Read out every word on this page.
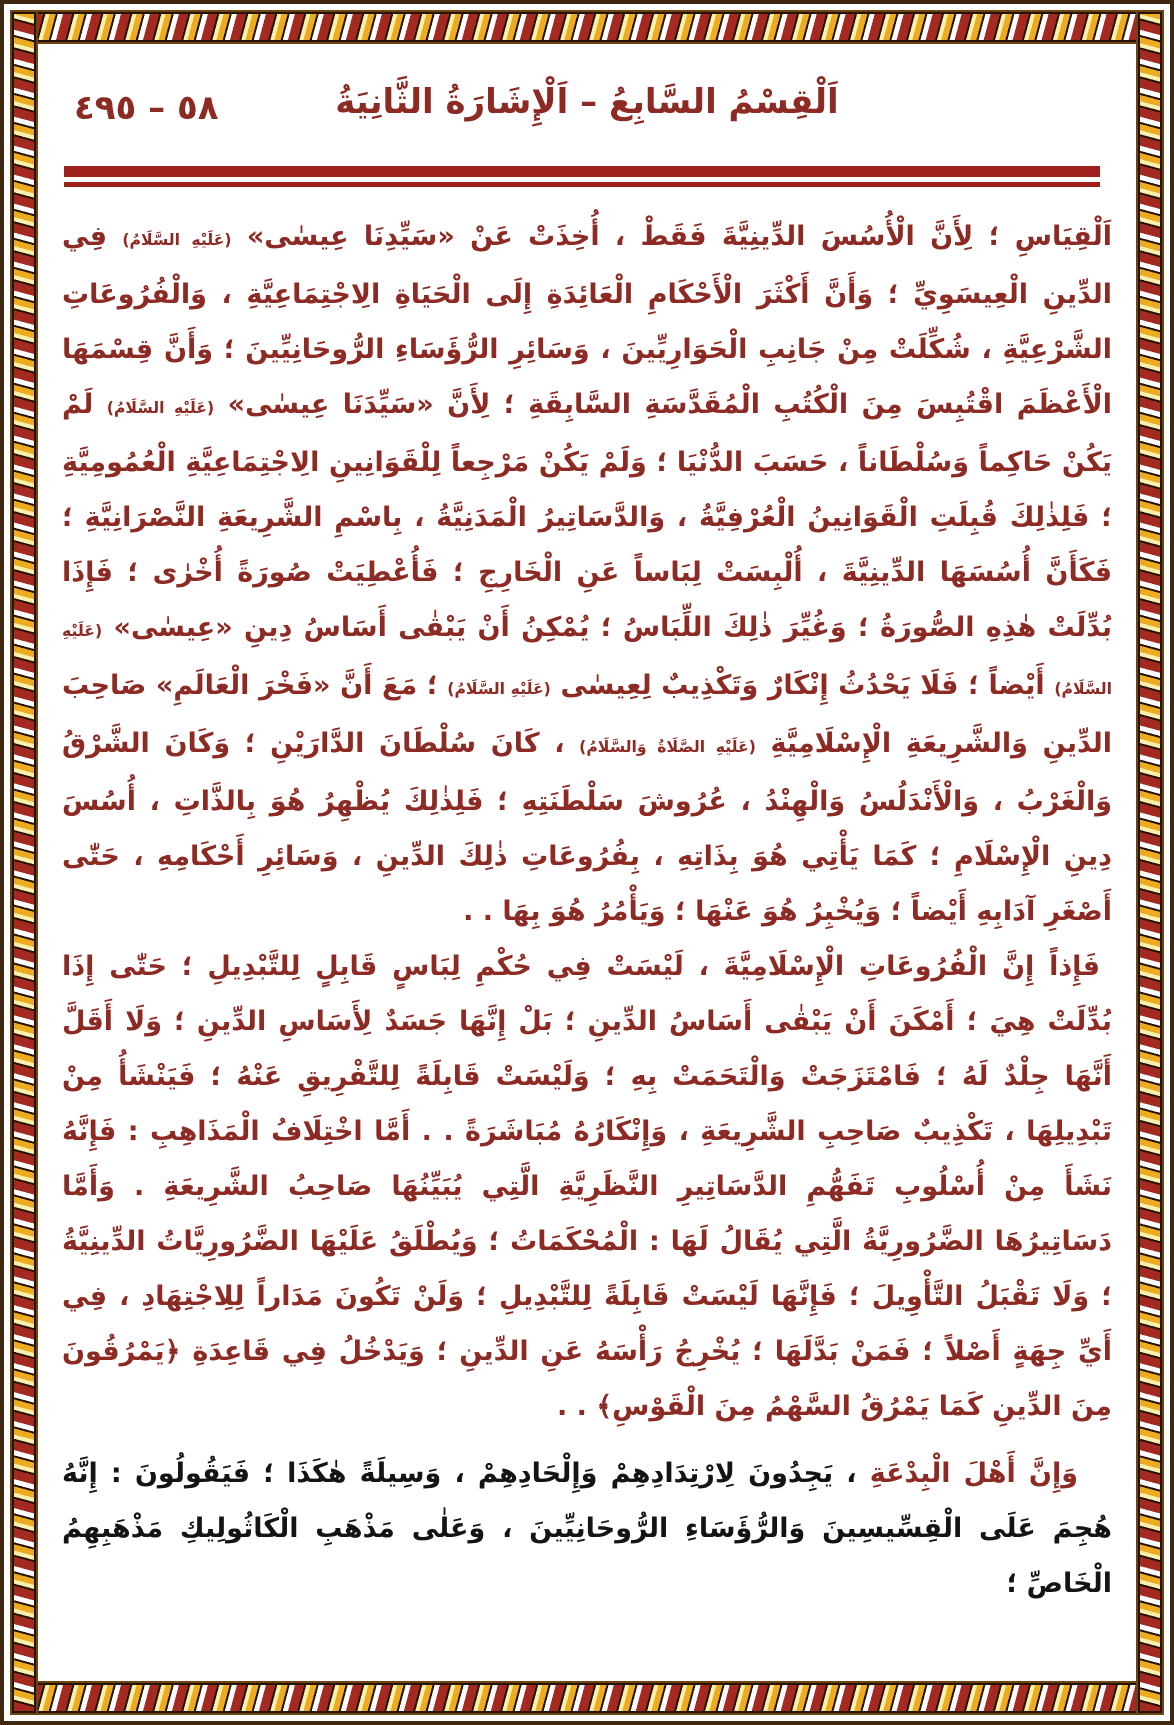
٥٨ – ٤٩٥	اَلْقِسْمُ السَّابِعُ – اَلْإِشَارَةُ الثَّانِيَةُ

اَلْقِيَاسِ ؛ لِأَنَّ الْأُسُسَ الدِّينِيَّةَ فَقَطْ ، أُخِذَتْ عَنْ «سَيِّدِنَا عِيسٰى» (عَلَيْهِ السَّلَامُ) فِي الدِّينِ الْعِيسَوِيِّ ؛ وَأَنَّ أَكْثَرَ الْأَحْكَامِ الْعَائِدَةِ إِلَى الْحَيَاةِ الِاجْتِمَاعِيَّةِ ، وَالْفُرُوعَاتِ الشَّرْعِيَّةِ ، شُكِّلَتْ مِنْ جَانِبِ الْحَوَارِيِّينَ ، وَسَائِرِ الرُّؤَسَاءِ الرُّوحَانِيِّينَ ؛ وَأَنَّ قِسْمَهَا الْأَعْظَمَ اقْتُبِسَ مِنَ الْكُتُبِ الْمُقَدَّسَةِ السَّابِقَةِ ؛ لِأَنَّ «سَيِّدَنَا عِيسٰى» (عَلَيْهِ السَّلَامُ) لَمْ يَكُنْ حَاكِماً وَسُلْطَاناً ، حَسَبَ الدُّنْيَا ؛ وَلَمْ يَكُنْ مَرْجِعاً لِلْقَوَانِينِ الِاجْتِمَاعِيَّةِ الْعُمُومِيَّةِ ؛ فَلِذٰلِكَ قُبِلَتِ الْقَوَانِينُ الْعُرْفِيَّةُ ، وَالدَّسَاتِيرُ الْمَدَنِيَّةُ ، بِاسْمِ الشَّرِيعَةِ النَّصْرَانِيَّةِ ؛ فَكَأَنَّ أُسُسَهَا الدِّينِيَّةَ ، أُلْبِسَتْ لِبَاساً عَنِ الْخَارِجِ ؛ فَأُعْطِيَتْ صُورَةً أُخْرٰى ؛ فَإِذَا بُدِّلَتْ هٰذِهِ الصُّورَةُ ؛ وَغُيِّرَ ذٰلِكَ اللِّبَاسُ ؛ يُمْكِنُ أَنْ يَبْقٰى أَسَاسُ دِينِ «عِيسٰى» (عَلَيْهِ السَّلَامُ) أَيْضاً ؛ فَلَا يَحْدُثُ إِنْكَارٌ وَتَكْذِيبٌ لِعِيسٰى (عَلَيْهِ السَّلَامُ) ؛ مَعَ أَنَّ «فَخْرَ الْعَالَمِ» صَاحِبَ الدِّينِ وَالشَّرِيعَةِ الْإِسْلَامِيَّةِ (عَلَيْهِ الصَّلَاةُ وَالسَّلَامُ) ، كَانَ سُلْطَانَ الدَّارَيْنِ ؛ وَكَانَ الشَّرْقُ وَالْغَرْبُ ، وَالْأَنْدَلُسُ وَالْهِنْدُ ، عُرُوشَ سَلْطَنَتِهِ ؛ فَلِذٰلِكَ يُظْهِرُ هُوَ بِالذَّاتِ ، أُسُسَ دِينِ الْإِسْلَامِ ؛ كَمَا يَأْتِي هُوَ بِذَاتِهِ ، بِفُرُوعَاتِ ذٰلِكَ الدِّينِ ، وَسَائِرِ أَحْكَامِهِ ، حَتّٰى أَصْغَرِ آدَابِهِ أَيْضاً ؛ وَيُخْبِرُ هُوَ عَنْهَا ؛ وَيَأْمُرُ هُوَ بِهَا . .

فَإِذاً إِنَّ الْفُرُوعَاتِ الْإِسْلَامِيَّةَ ، لَيْسَتْ فِي حُكْمِ لِبَاسٍ قَابِلٍ لِلتَّبْدِيلِ ؛ حَتّٰى إِذَا بُدِّلَتْ هِيَ ؛ أَمْكَنَ أَنْ يَبْقٰى أَسَاسُ الدِّينِ ؛ بَلْ إِنَّهَا جَسَدٌ لِأَسَاسِ الدِّينِ ؛ وَلَا أَقَلَّ أَنَّهَا جِلْدٌ لَهُ ؛ فَامْتَزَجَتْ وَالْتَحَمَتْ بِهِ ؛ وَلَيْسَتْ قَابِلَةً لِلتَّفْرِيقِ عَنْهُ ؛ فَيَنْشَأُ مِنْ تَبْدِيلِهَا ، تَكْذِيبٌ صَاحِبِ الشَّرِيعَةِ ، وَإِنْكَارُهُ مُبَاشَرَةً . . أَمَّا اخْتِلَافُ الْمَذَاهِبِ : فَإِنَّهُ نَشَأَ مِنْ أُسْلُوبِ تَفَهُّمِ الدَّسَاتِيرِ النَّظَرِيَّةِ الَّتِي يُبَيِّنُهَا صَاحِبُ الشَّرِيعَةِ . وَأَمَّا دَسَاتِيرُهَا الضَّرُورِيَّةُ الَّتِي يُقَالُ لَهَا : الْمُحْكَمَاتُ ؛ وَيُطْلَقُ عَلَيْهَا الضَّرُورِيَّاتُ الدِّينِيَّةُ ؛ وَلَا تَقْبَلُ التَّأْوِيلَ ؛ فَإِنَّهَا لَيْسَتْ قَابِلَةً لِلتَّبْدِيلِ ؛ وَلَنْ تَكُونَ مَدَاراً لِلِاجْتِهَادِ ، فِي أَيِّ جِهَةٍ أَصْلاً ؛ فَمَنْ بَدَّلَهَا ؛ يُخْرِجُ رَأْسَهُ عَنِ الدِّينِ ؛ وَيَدْخُلُ فِي قَاعِدَةِ ﴿يَمْرُقُونَ مِنَ الدِّينِ كَمَا يَمْرُقُ السَّهْمُ مِنَ الْقَوْسِ﴾ . .

وَإِنَّ أَهْلَ الْبِدْعَةِ ، يَجِدُونَ لِارْتِدَادِهِمْ وَإِلْحَادِهِمْ ، وَسِيلَةً هٰكَذَا ؛ فَيَقُولُونَ : إِنَّهُ هُجِمَ عَلَى الْقِسِّيسِينَ وَالرُّؤَسَاءِ الرُّوحَانِيِّينَ ، وَعَلٰى مَذْهَبِ الْكَاثُولِيكِ مَذْهَبِهِمُ الْخَاصِّ ؛
